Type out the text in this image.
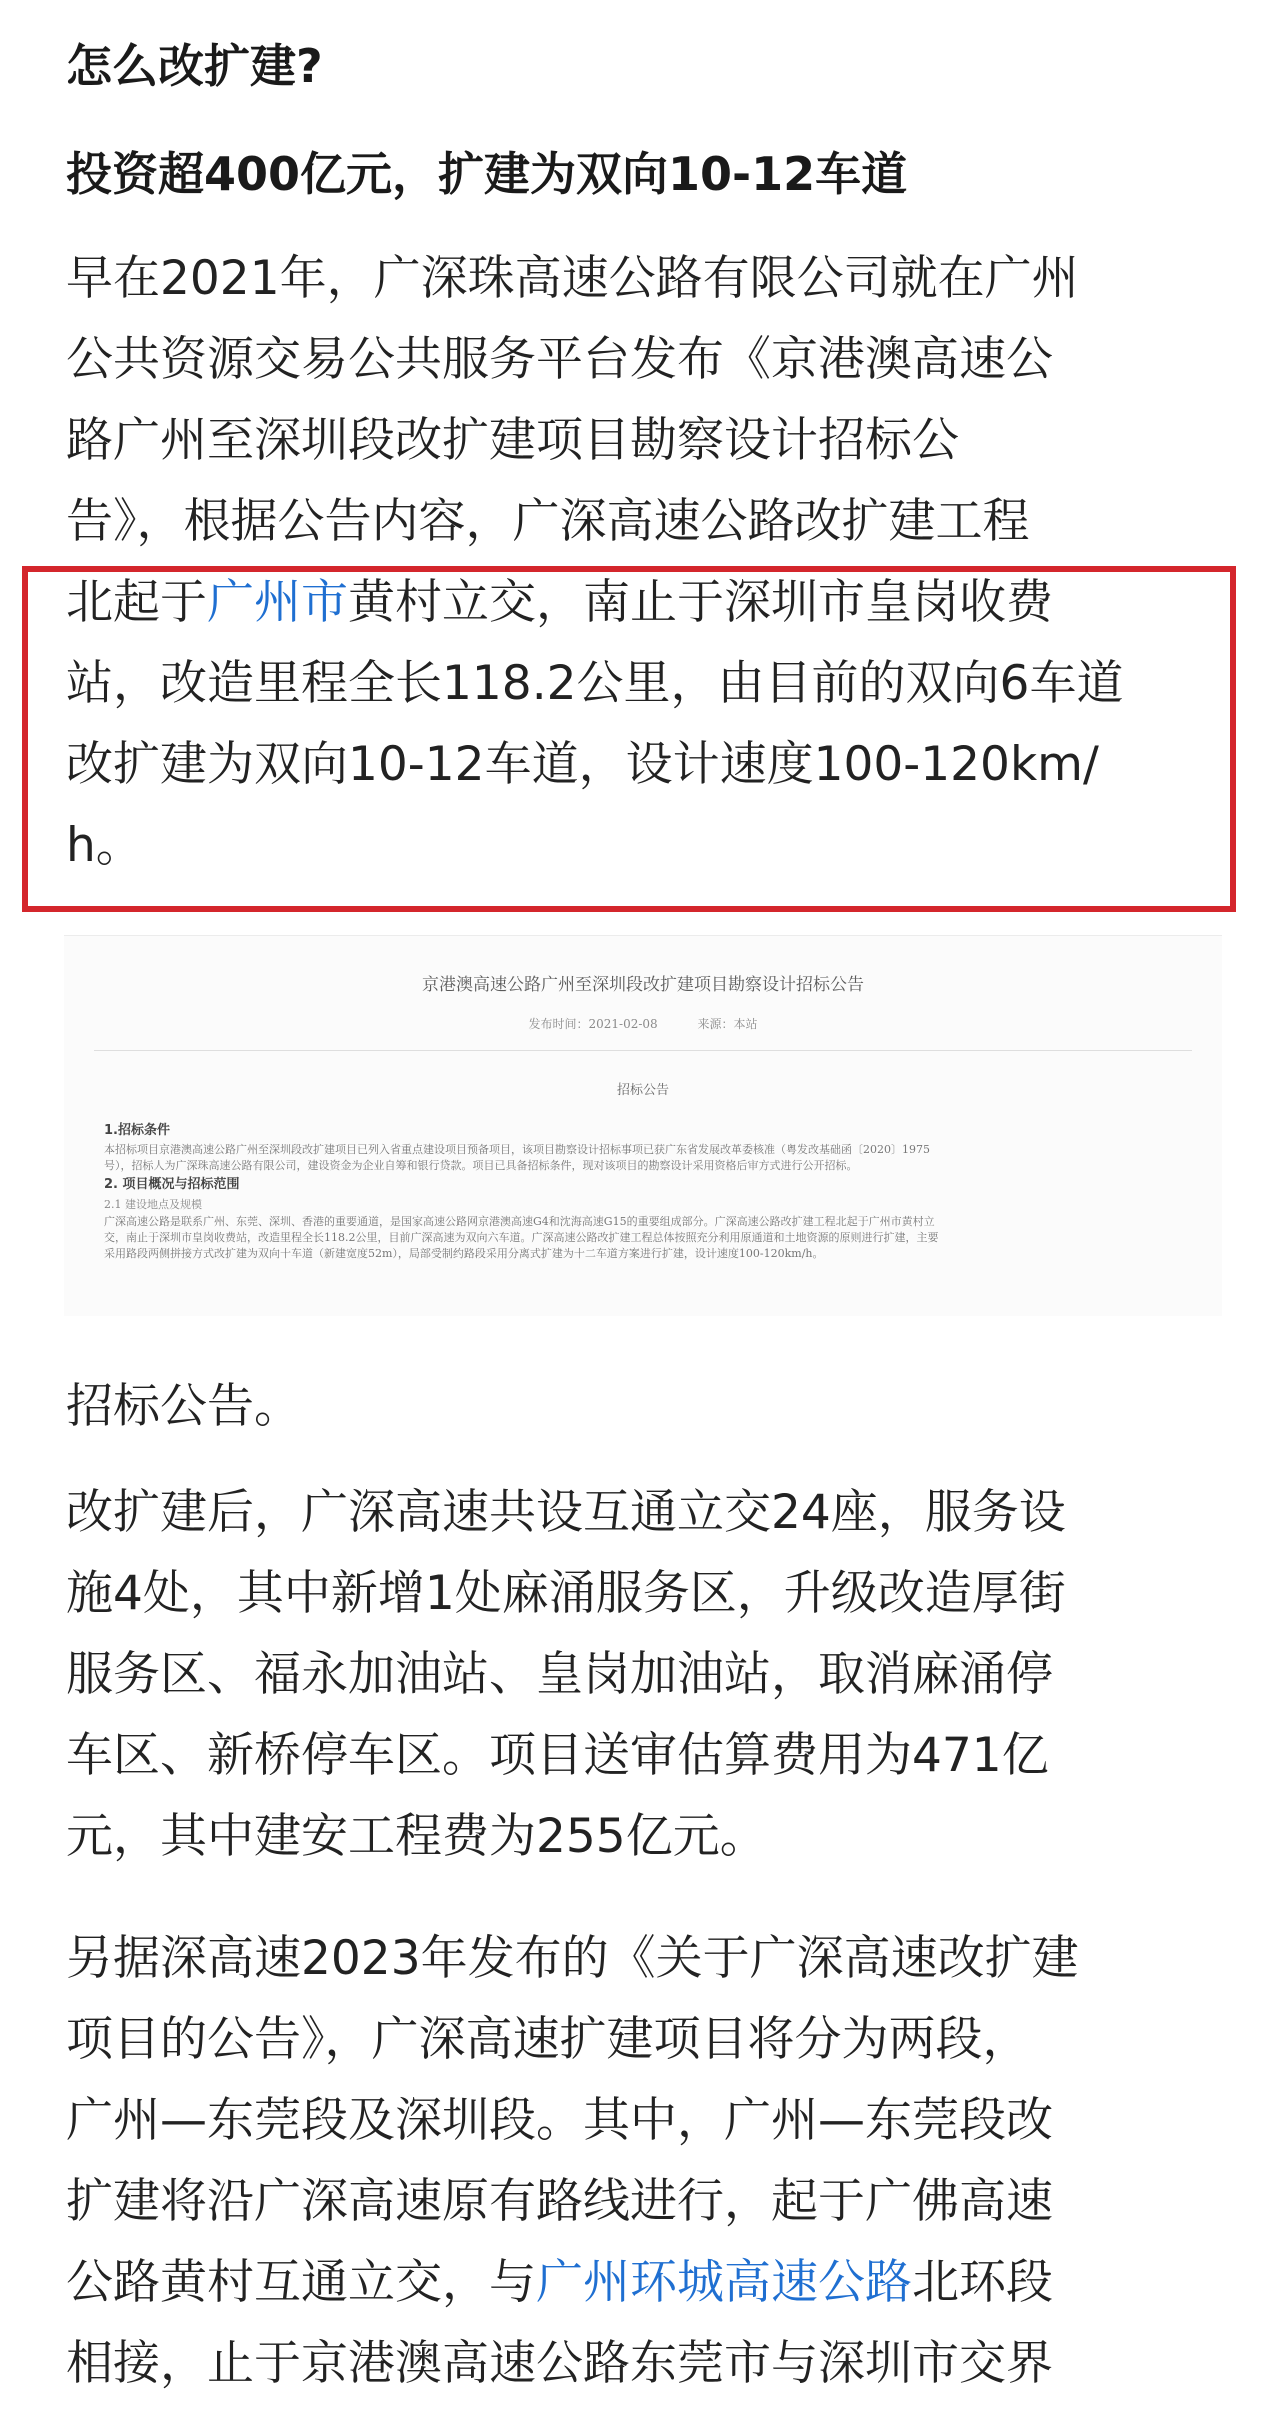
怎么改扩建?
投资超400亿元，扩建为双向10-12车道
早在2021年，广深珠高速公路有限公司就在广州
公共资源交易公共服务平台发布《京港澳高速公
路广州至深圳段改扩建项目勘察设计招标公
告》，根据公告内容，广深高速公路改扩建工程
北起于广州市黄村立交，南止于深圳市皇岗收费
站，改造里程全长118.2公里，由目前的双向6车道
改扩建为双向10-12车道，设计速度100-120km/
h。
京港澳高速公路广州至深圳段改扩建项目勘察设计招标公告
发布时间：2021-02-08	来源：本站
招标公告
1.招标条件
本招标项目京港澳高速公路广州至深圳段改扩建项目已列入省重点建设项目预备项目，该项目勘察设计招标事项已获广东省发展改革委核准（粤发改基础函〔2020〕1975
号），招标人为广深珠高速公路有限公司，建设资金为企业自筹和银行贷款。项目已具备招标条件，现对该项目的勘察设计采用资格后审方式进行公开招标。
2. 项目概况与招标范围
2.1 建设地点及规模
广深高速公路是联系广州、东莞、深圳、香港的重要通道，是国家高速公路网京港澳高速G4和沈海高速G15的重要组成部分。广深高速公路改扩建工程北起于广州市黄村立
交，南止于深圳市皇岗收费站，改造里程全长118.2公里，目前广深高速为双向六车道。广深高速公路改扩建工程总体按照充分利用原通道和土地资源的原则进行扩建，主要
采用路段两侧拼接方式改扩建为双向十车道（新建宽度52m），局部受制约路段采用分离式扩建为十二车道方案进行扩建，设计速度100-120km/h。
招标公告。
改扩建后，广深高速共设互通立交24座，服务设
施4处，其中新增1处麻涌服务区，升级改造厚街
服务区、福永加油站、皇岗加油站，取消麻涌停
车区、新桥停车区。项目送审估算费用为471亿
元，其中建安工程费为255亿元。
另据深高速2023年发布的《关于广深高速改扩建
项目的公告》，广深高速扩建项目将分为两段，
广州—东莞段及深圳段。其中，广州—东莞段改
扩建将沿广深高速原有路线进行，起于广佛高速
公路黄村互通立交，与广州环城高速公路北环段
相接，止于京港澳高速公路东莞市与深圳市交界
